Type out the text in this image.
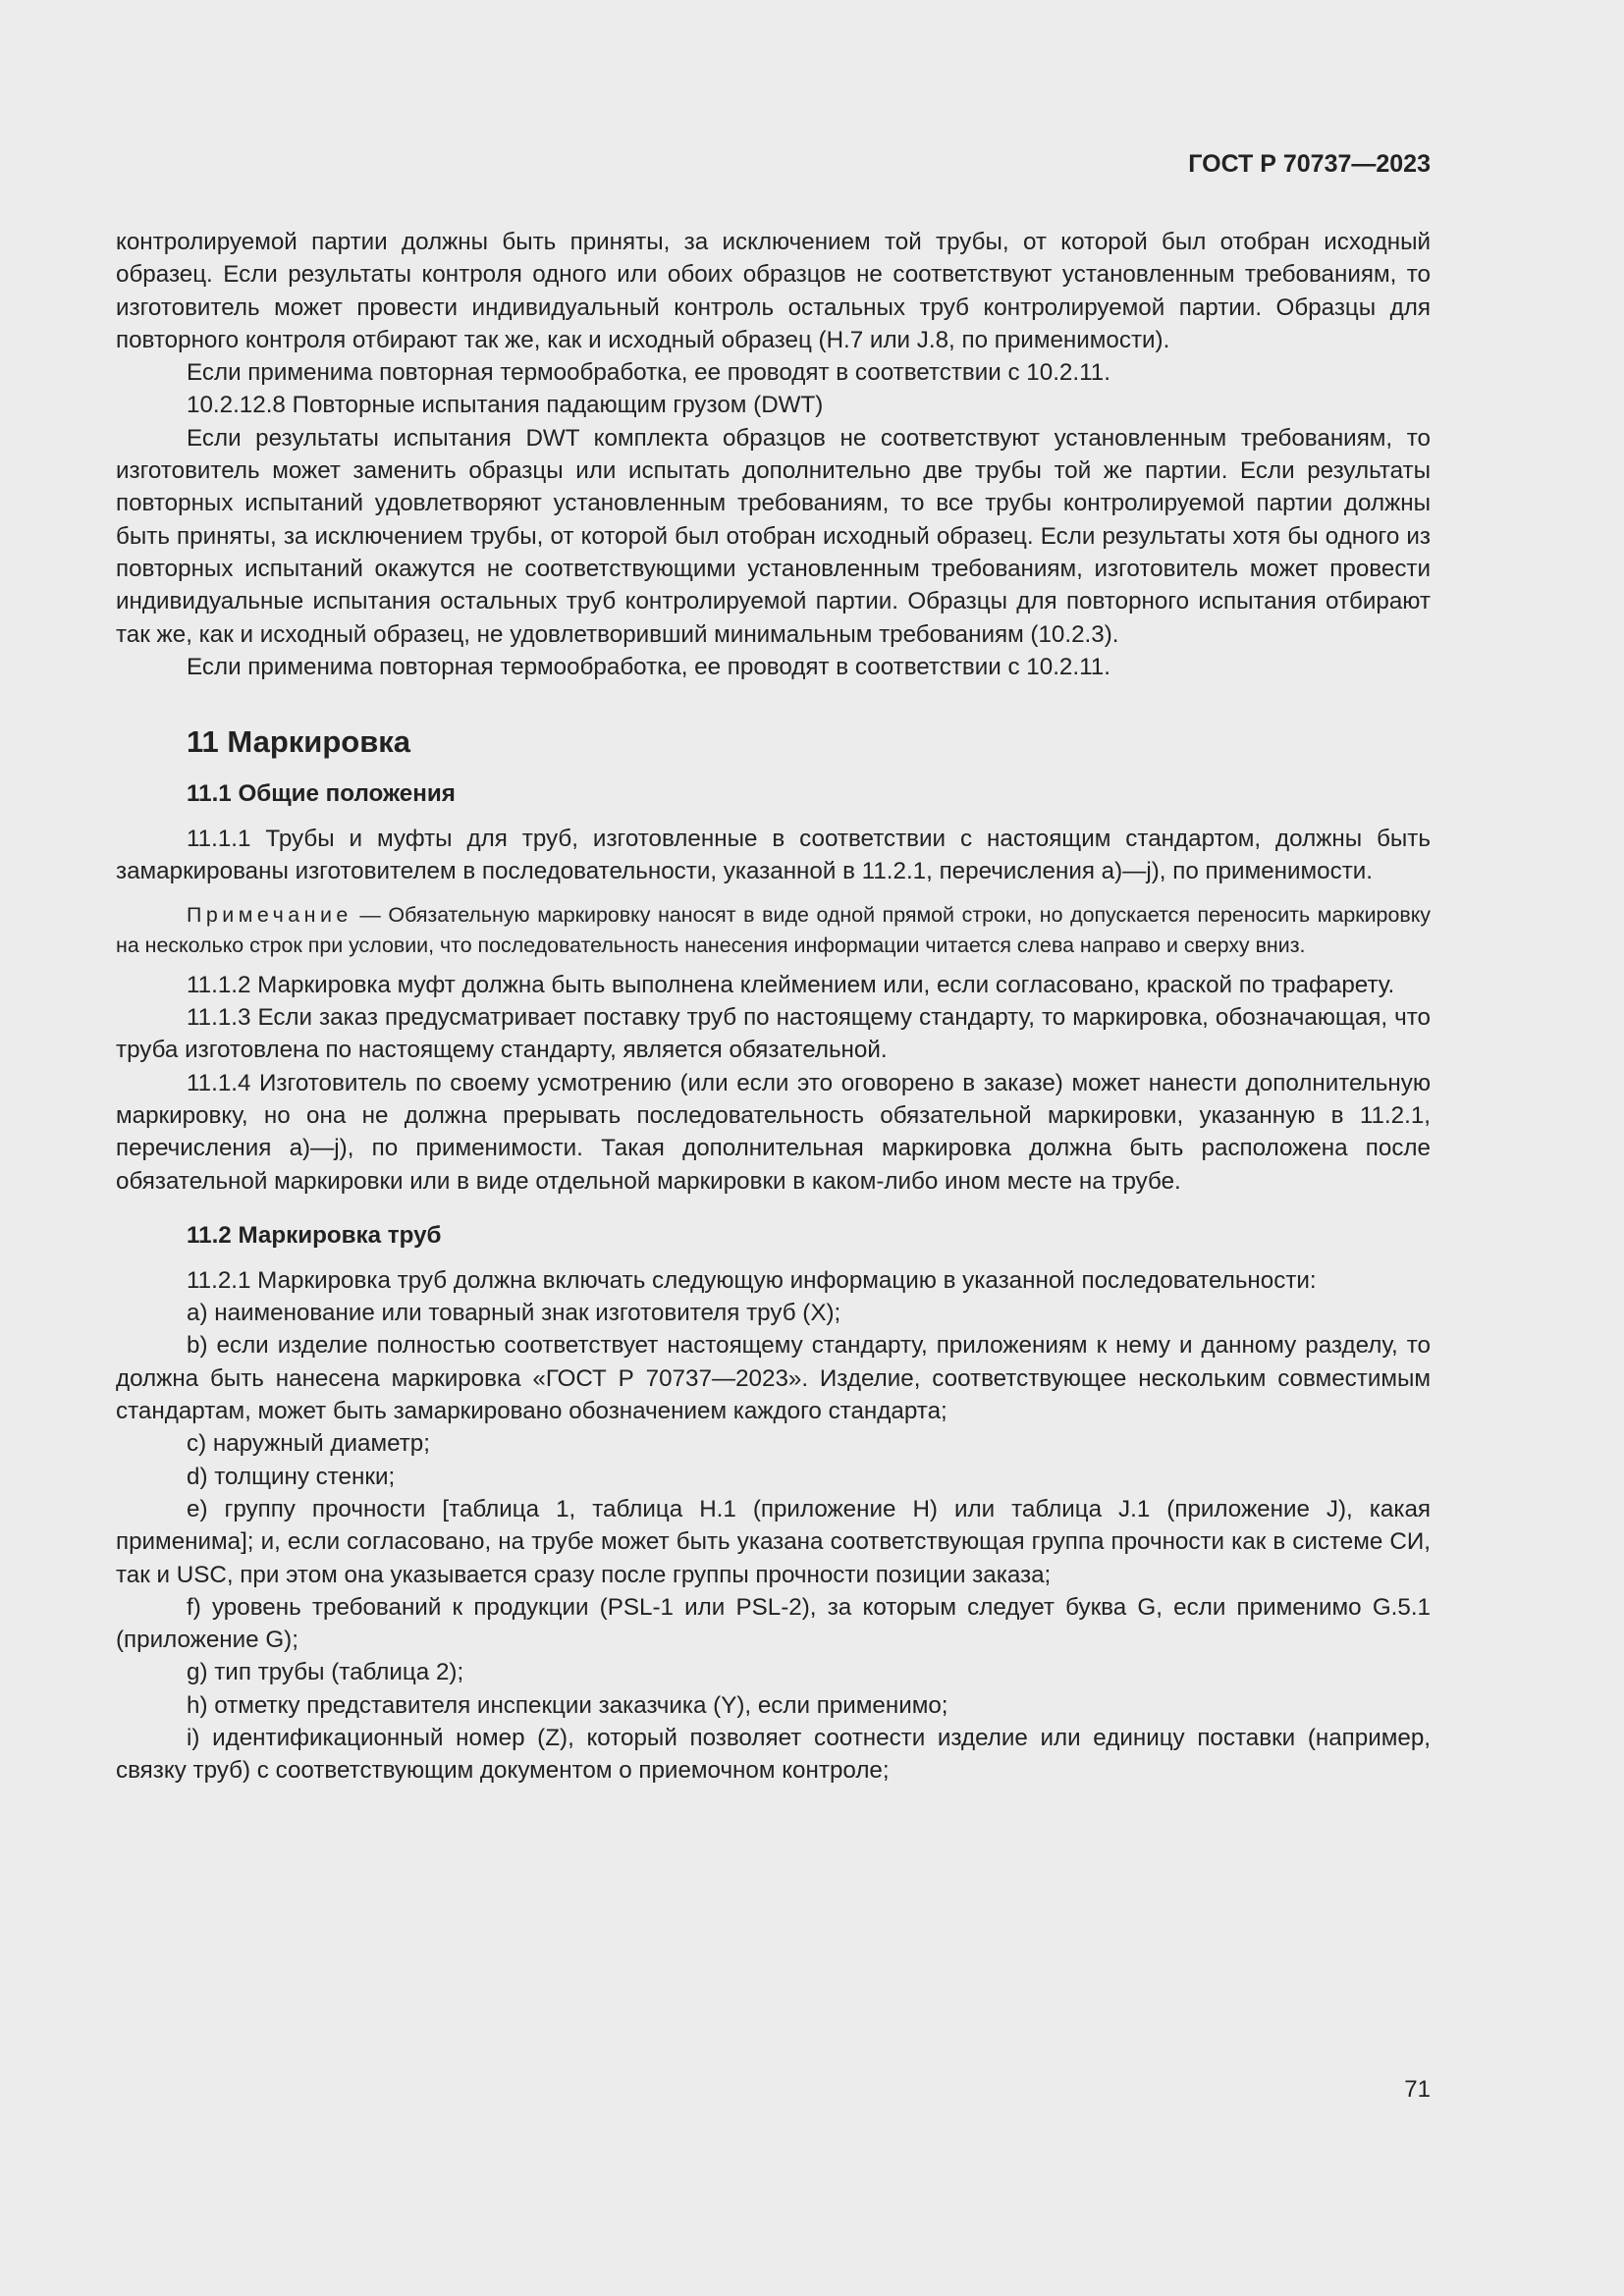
ГОСТ Р 70737—2023

контролируемой партии должны быть приняты, за исключением той трубы, от которой был отобран исходный образец. Если результаты контроля одного или обоих образцов не соответствуют установленным требованиям, то изготовитель может провести индивидуальный контроль остальных труб контролируемой партии. Образцы для повторного контроля отбирают так же, как и исходный образец (Н.7 или J.8, по применимости).

Если применима повторная термообработка, ее проводят в соответствии с 10.2.11.

10.2.12.8 Повторные испытания падающим грузом (DWT)

Если результаты испытания DWT комплекта образцов не соответствуют установленным требованиям, то изготовитель может заменить образцы или испытать дополнительно две трубы той же партии. Если результаты повторных испытаний удовлетворяют установленным требованиям, то все трубы контролируемой партии должны быть приняты, за исключением трубы, от которой был отобран исходный образец. Если результаты хотя бы одного из повторных испытаний окажутся не соответствующими установленным требованиям, изготовитель может провести индивидуальные испытания остальных труб контролируемой партии. Образцы для повторного испытания отбирают так же, как и исходный образец, не удовлетворивший минимальным требованиям (10.2.3).

Если применима повторная термообработка, ее проводят в соответствии с 10.2.11.

11 Маркировка
11.1 Общие положения

11.1.1 Трубы и муфты для труб, изготовленные в соответствии с настоящим стандартом, должны быть замаркированы изготовителем в последовательности, указанной в 11.2.1, перечисления а)—j), по применимости.

Примечание — Обязательную маркировку наносят в виде одной прямой строки, но допускается переносить маркировку на несколько строк при условии, что последовательность нанесения информации читается слева направо и сверху вниз.

11.1.2 Маркировка муфт должна быть выполнена клеймением или, если согласовано, краской по трафарету.

11.1.3 Если заказ предусматривает поставку труб по настоящему стандарту, то маркировка, обозначающая, что труба изготовлена по настоящему стандарту, является обязательной.

11.1.4 Изготовитель по своему усмотрению (или если это оговорено в заказе) может нанести дополнительную маркировку, но она не должна прерывать последовательность обязательной маркировки, указанную в 11.2.1, перечисления а)—j), по применимости. Такая дополнительная маркировка должна быть расположена после обязательной маркировки или в виде отдельной маркировки в каком-либо ином месте на трубе.

11.2 Маркировка труб

11.2.1 Маркировка труб должна включать следующую информацию в указанной последовательности:

а) наименование или товарный знак изготовителя труб (X);

b) если изделие полностью соответствует настоящему стандарту, приложениям к нему и данному разделу, то должна быть нанесена маркировка «ГОСТ Р 70737—2023». Изделие, соответствующее нескольким совместимым стандартам, может быть замаркировано обозначением каждого стандарта;

с) наружный диаметр;

d) толщину стенки;

е) группу прочности [таблица 1, таблица Н.1 (приложение Н) или таблица J.1 (приложение J), какая применима]; и, если согласовано, на трубе может быть указана соответствующая группа прочности как в системе СИ, так и USC, при этом она указывается сразу после группы прочности позиции заказа;

f) уровень требований к продукции (PSL-1 или PSL-2), за которым следует буква G, если применимо G.5.1 (приложение G);

g) тип трубы (таблица 2);

h) отметку представителя инспекции заказчика (Y), если применимо;

i) идентификационный номер (Z), который позволяет соотнести изделие или единицу поставки (например, связку труб) с соответствующим документом о приемочном контроле;

71
